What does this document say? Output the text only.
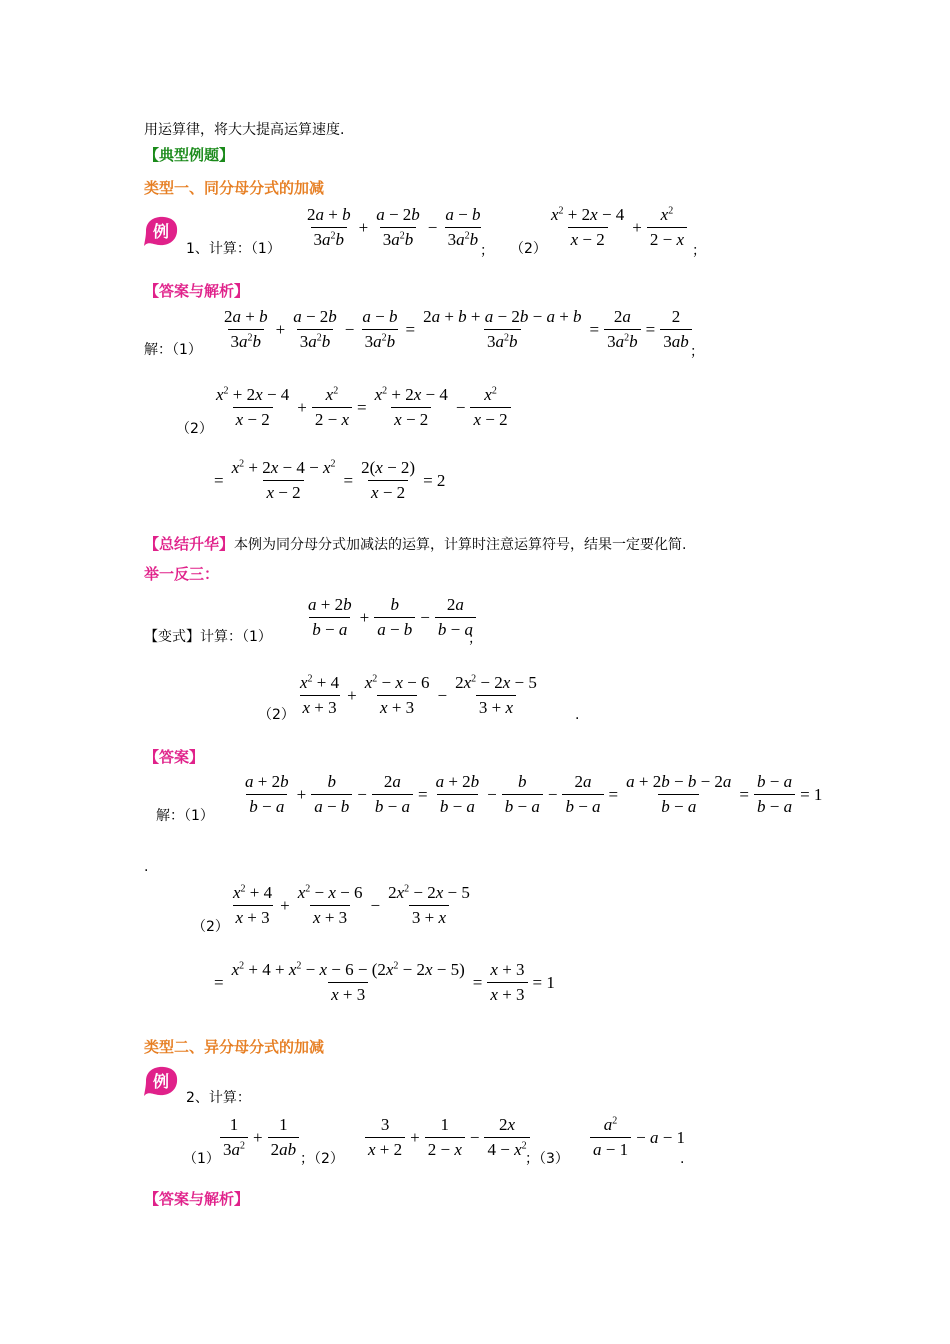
用运算律，将大大提高运算速度.
【典型例题】
类型一、同分母分式的加减
例
1、计算：（1）
2a + b
$3a^2b$
+ $\frac{a - 2b}{3a^2b} - \frac{a - b}{3a^2b}$
； （2）
$x^2 + 2x - 4$
x − 2
+ $\frac{x^2}{2 - x}$
；
【答案与解析】
解：（1）
2a + b
$3a^2b$
+ $\frac{a - 2b}{3a^2b} - \frac{a - b}{3a^2b} = \frac{2a + b + a - 2b - a + b}{3a^2b} = \frac{2a}{3a^2b} = \frac{2}{3ab}$
；
（2）
$x^2 + 2x - 4$
x − 2
+ $\frac{x^2}{2 - x} = \frac{x^2 + 2x - 4}{x - 2} - \frac{x^2}{x - 2}$
= $\frac{x^2 + 2x - 4 - x^2}{x - 2} = \frac{2(x - 2)}{x - 2} = 2$
【总结升华】本例为同分母分式加减法的运算，计算时注意运算符号，结果一定要化简.
举一反三：
【变式】计算：（1）
a + 2b
b − a
+ $\frac{b}{a - b} - \frac{2a}{b - a}$
；
（2）
$x^2 + 4$
x + 3
+ $\frac{x^2 - x - 6}{x + 3} - \frac{2x^2 - 2x - 5}{3 + x}$	.
【答案】
解：（1）
a + 2b
b − a
+ $\frac{b}{a - b} - \frac{2a}{b - a} = \frac{a + 2b}{b - a} - \frac{b}{b - a} - \frac{2a}{b - a} = \frac{a + 2b - b - 2a}{b - a} = \frac{b - a}{b - a} = 1$
.
（2）
$x^2 + 4$
x + 3
+ $\frac{x^2 - x - 6}{x + 3} - \frac{2x^2 - 2x - 5}{3 + x}$
= $\frac{x^2 + 4 + x^2 - x - 6 - (2x^2 - 2x - 5)}{x + 3} = \frac{x + 3}{x + 3} = 1$
类型二、异分母分式的加减
例
2、计算：
（1）
1
$3a^2 + \frac{1}{2ab}$ ；（2）
3
x + 2
+ $\frac{1}{2 - x} - \frac{2x}{4 - x^2}$
；（3）
$a^2$
a − 1
− a − 1
.
【答案与解析】
